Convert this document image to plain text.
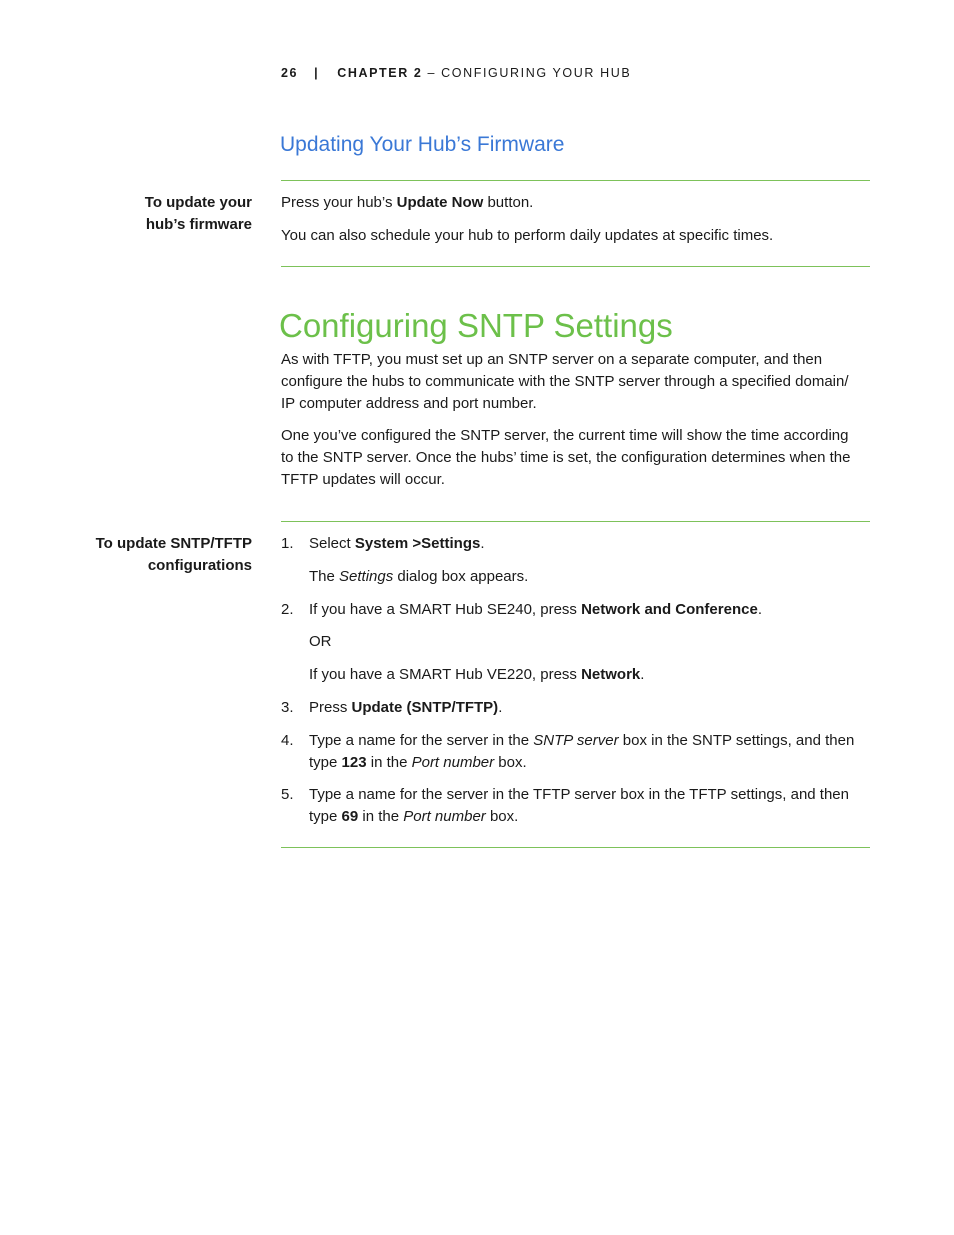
26 | CHAPTER 2 – CONFIGURING YOUR HUB
Updating Your Hub’s Firmware
To update your
hub’s firmware
Press your hub’s Update Now button.
You can also schedule your hub to perform daily updates at specific times.
Configuring SNTP Settings
As with TFTP, you must set up an SNTP server on a separate computer, and then
configure the hubs to communicate with the SNTP server through a specified domain/
IP computer address and port number.
One you’ve configured the SNTP server, the current time will show the time according
to the SNTP server. Once the hubs’ time is set, the configuration determines when the
TFTP updates will occur.
To update SNTP/TFTP
configurations
1. Select System >Settings.
The Settings dialog box appears.
2. If you have a SMART Hub SE240, press Network and Conference.
OR
If you have a SMART Hub VE220, press Network.
3. Press Update (SNTP/TFTP).
4. Type a name for the server in the SNTP server box in the SNTP settings, and then
type 123 in the Port number box.
5. Type a name for the server in the TFTP server box in the TFTP settings, and then
type 69 in the Port number box.
